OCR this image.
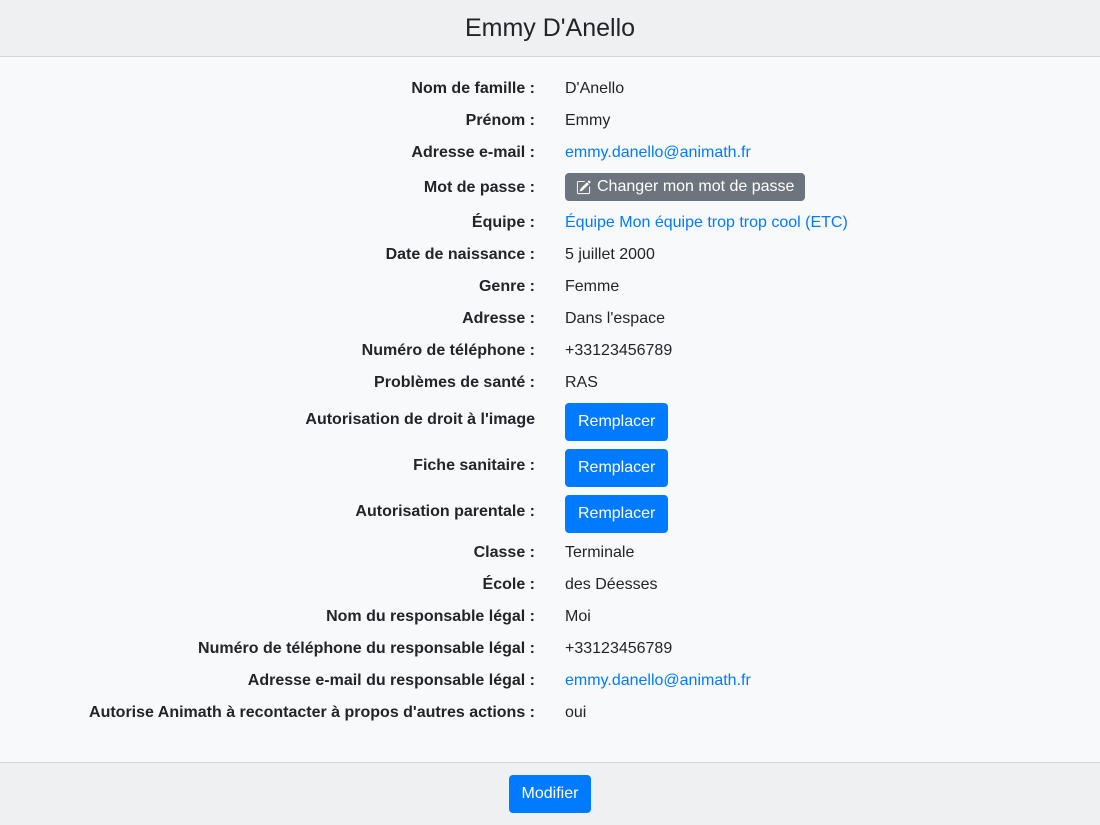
Emmy D'Anello
Nom de famille : D'Anello
Prénom : Emmy
Adresse e-mail : emmy.danello@animath.fr
Mot de passe :	Changer mon mot de passe
Équipe : Équipe Mon équipe trop trop cool (ETC)
Date de naissance : 5 juillet 2000
Genre : Femme
Adresse : Dans l'espace
Numéro de téléphone : +33123456789
Problèmes de santé : RAS
Autorisation de droit à l'image	Remplacer
Fiche sanitaire :	Remplacer
Autorisation parentale :	Remplacer
Classe : Terminale
École : des Déesses
Nom du responsable légal : Moi
Numéro de téléphone du responsable légal : +33123456789
Adresse e-mail du responsable légal : emmy.danello@animath.fr
Autorise Animath à recontacter à propos d'autres actions : oui
Modifier
